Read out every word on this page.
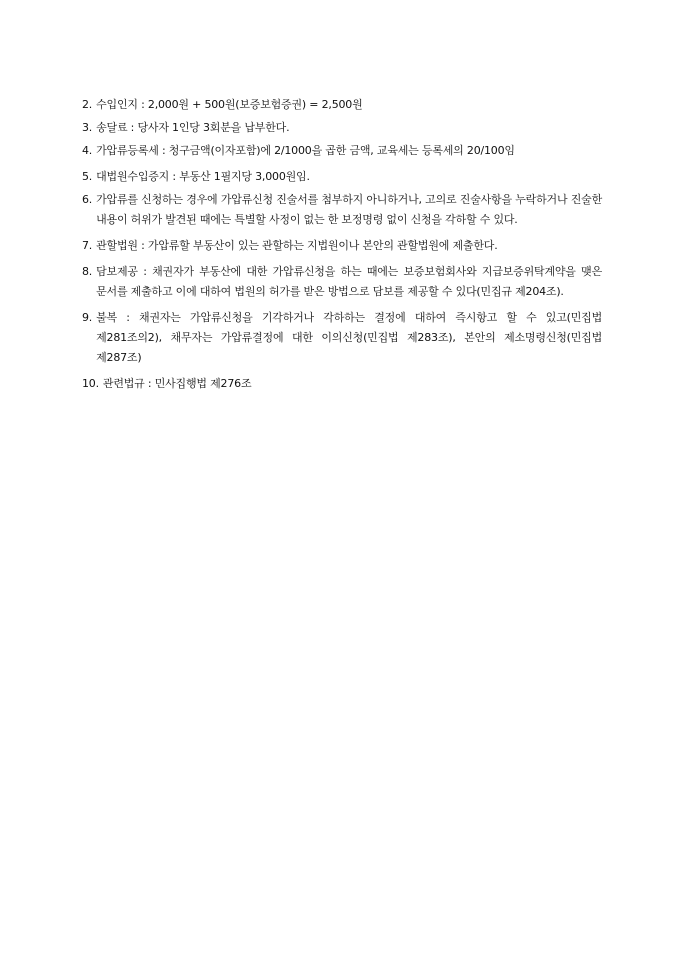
2. 수입인지 : 2,000원 + 500원(보증보험증권) = 2,500원
3. 송달료 : 당사자 1인당 3회분을 납부한다.
4. 가압류등록세 : 청구금액(이자포함)에 2/1000을 곱한 금액, 교육세는 등록세의 20/100임
5. 대법원수입증지 : 부동산 1필지당 3,000원임.
6. 가압류를 신청하는 경우에 가압류신청 진술서를 첨부하지 아니하거나, 고의로 진술사항을 누락하거나 진술한 내용이 허위가 발견된 때에는 특별할 사정이 없는 한 보정명령 없이 신청을 각하할 수 있다.
7. 관할법원 : 가압류할 부동산이 있는 관할하는 지법원이나 본안의 관할법원에 제출한다.
8. 담보제공 : 채권자가 부동산에 대한 가압류신청을 하는 때에는 보증보험회사와 지급보증위탁계약을 맺은 문서를 제출하고 이에 대하여 법원의 허가를 받은 방법으로 담보를 제공할 수 있다(민집규 제204조).
9. 불복 : 채권자는 가압류신청을 기각하거나 각하하는 결정에 대하여 즉시항고 할 수 있고(민집법 제281조의2), 채무자는 가압류결정에 대한 이의신청(민집법 제283조), 본안의 제소명령신청(민집법 제287조)
10. 관련법규 : 민사집행법 제276조
